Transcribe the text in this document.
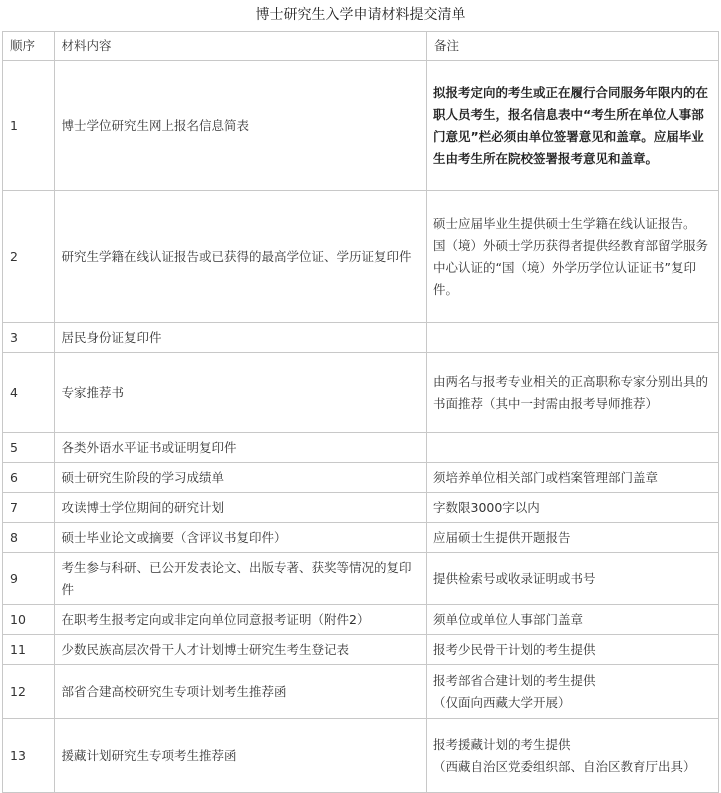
博士研究生入学申请材料提交清单
顺序	材料内容	备注
1	博士学位研究生网上报名信息简表	拟报考定向的考生或正在履行合同服务年限内的在职人员考生，报名信息表中“考生所在单位人事部门意见”栏必须由单位签署意见和盖章。应届毕业生由考生所在院校签署报考意见和盖章。
2	研究生学籍在线认证报告或已获得的最高学位证、学历证复印件	硕士应届毕业生提供硕士生学籍在线认证报告。
国（境）外硕士学历获得者提供经教育部留学服务中心认证的“国（境）外学历学位认证证书”复印件。

3	居民身份证复印件	
4	专家推荐书	由两名与报考专业相关的正高职称专家分别出具的书面推荐（其中一封需由报考导师推荐）
5	各类外语水平证书或证明复印件	
6	硕士研究生阶段的学习成绩单	须培养单位相关部门或档案管理部门盖章
7	攻读博士学位期间的研究计划	字数限3000字以内
8	硕士毕业论文或摘要（含评议书复印件）	应届硕士生提供开题报告
9	考生参与科研、已公开发表论文、出版专著、获奖等情况的复印件	提供检索号或收录证明或书号
10	在职考生报考定向或非定向单位同意报考证明（附件2）	须单位或单位人事部门盖章
11	少数民族高层次骨干人才计划博士研究生考生登记表	报考少民骨干计划的考生提供
12	部省合建高校研究生专项计划考生推荐函	报考部省合建计划的考生提供
（仅面向西藏大学开展）

13	援藏计划研究生专项考生推荐函	报考援藏计划的考生提供
（西藏自治区党委组织部、自治区教育厅出具）
